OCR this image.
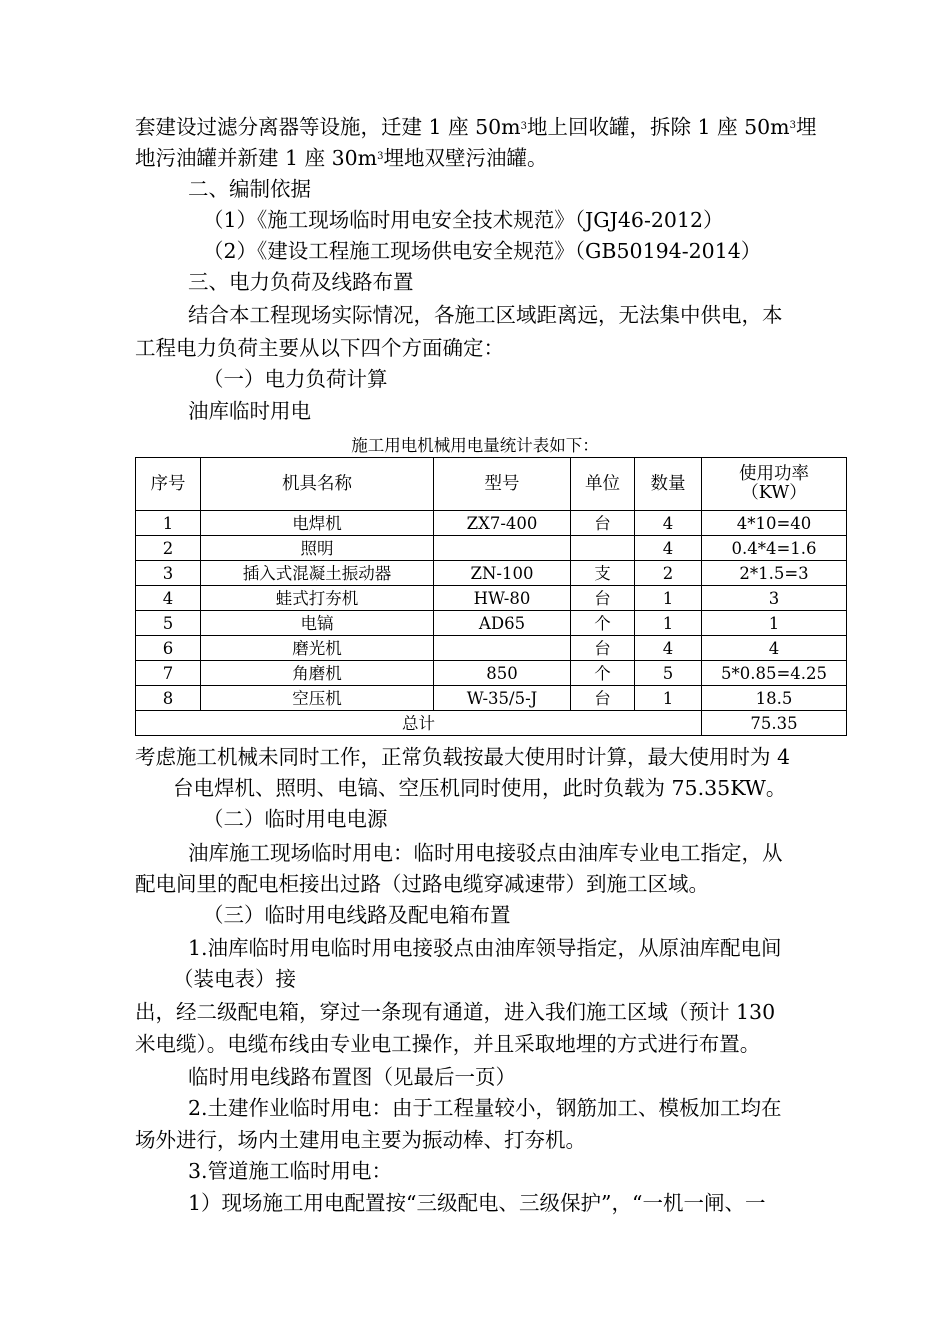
套建设过滤分离器等设施，迁建 1 座 50m3地上回收罐，拆除 1 座 $50m^3$埋
地污油罐并新建 1 座 $30m^3$埋地双壁污油罐。
二、编制依据
（1）《施工现场临时用电安全技术规范》（JGJ46-2012）
（2）《建设工程施工现场供电安全规范》（GB50194-2014）
三、电力负荷及线路布置
结合本工程现场实际情况，各施工区域距离远，无法集中供电，本
工程电力负荷主要从以下四个方面确定：
（一）电力负荷计算
油库临时用电
施工用电机械用电量统计表如下：
序号	机具名称	型号	单位	数量	使用功率
（KW）

1	电焊机	ZX7-400	台	4	4*10=40
2	照明			4	0.4*4=1.6
3	插入式混凝土振动器	ZN-100	支	2	2*1.5=3
4	蛙式打夯机	HW-80	台	1	3
5	电镐	AD65	个	1	1
6	磨光机		台	4	4
7	角磨机	850	个	5	5*0.85=4.25
8	空压机	W-35/5-J	台	1	18.5
总计					75.35
考虑施工机械未同时工作，正常负载按最大使用时计算，最大使用时为 4
台电焊机、照明、电镐、空压机同时使用，此时负载为 75.35KW。
（二）临时用电电源
油库施工现场临时用电：临时用电接驳点由油库专业电工指定，从
配电间里的配电柜接出过路（过路电缆穿减速带）到施工区域。
（三）临时用电线路及配电箱布置
1.油库临时用电临时用电接驳点由油库领导指定，从原油库配电间
（装电表）接
出，经二级配电箱，穿过一条现有通道，进入我们施工区域（预计 130
米电缆）。电缆布线由专业电工操作，并且采取地埋的方式进行布置。
临时用电线路布置图（见最后一页）
2.土建作业临时用电：由于工程量较小，钢筋加工、模板加工均在
场外进行，场内土建用电主要为振动棒、打夯机。
3.管道施工临时用电：
1）现场施工用电配置按“三级配电、三级保护”，“一机一闸、一
